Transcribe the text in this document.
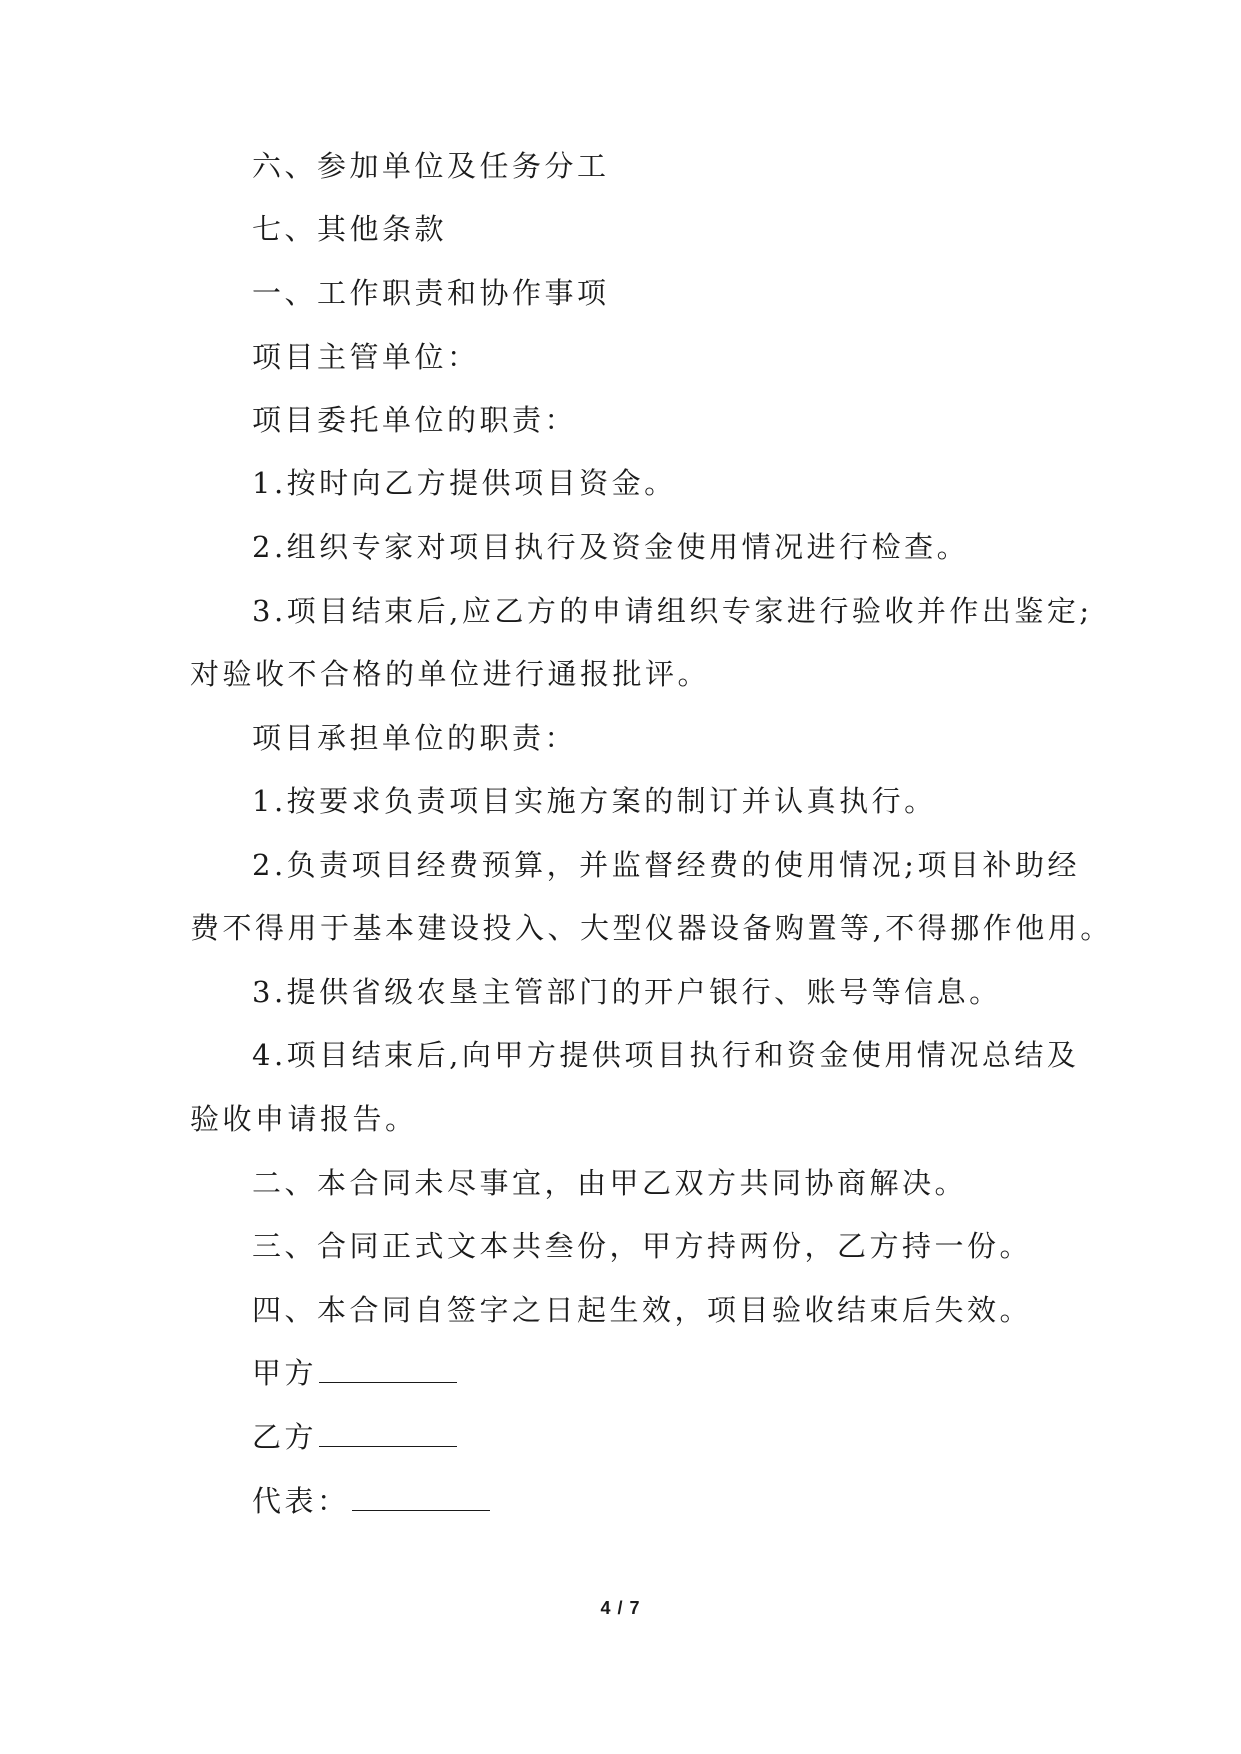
六、参加单位及任务分工
七、其他条款
一、工作职责和协作事项
项目主管单位：
项目委托单位的职责：
1.按时向乙方提供项目资金。
2.组织专家对项目执行及资金使用情况进行检查。
3.项目结束后,应乙方的申请组织专家进行验收并作出鉴定;
对验收不合格的单位进行通报批评。
项目承担单位的职责：
1.按要求负责项目实施方案的制订并认真执行。
2.负责项目经费预算，并监督经费的使用情况;项目补助经
费不得用于基本建设投入、大型仪器设备购置等,不得挪作他用。
3.提供省级农垦主管部门的开户银行、账号等信息。
4.项目结束后,向甲方提供项目执行和资金使用情况总结及
验收申请报告。
二、本合同未尽事宜，由甲乙双方共同协商解决。
三、合同正式文本共叁份，甲方持两份，乙方持一份。
四、本合同自签字之日起生效，项目验收结束后失效。
甲方
乙方
代表：
4 / 7
